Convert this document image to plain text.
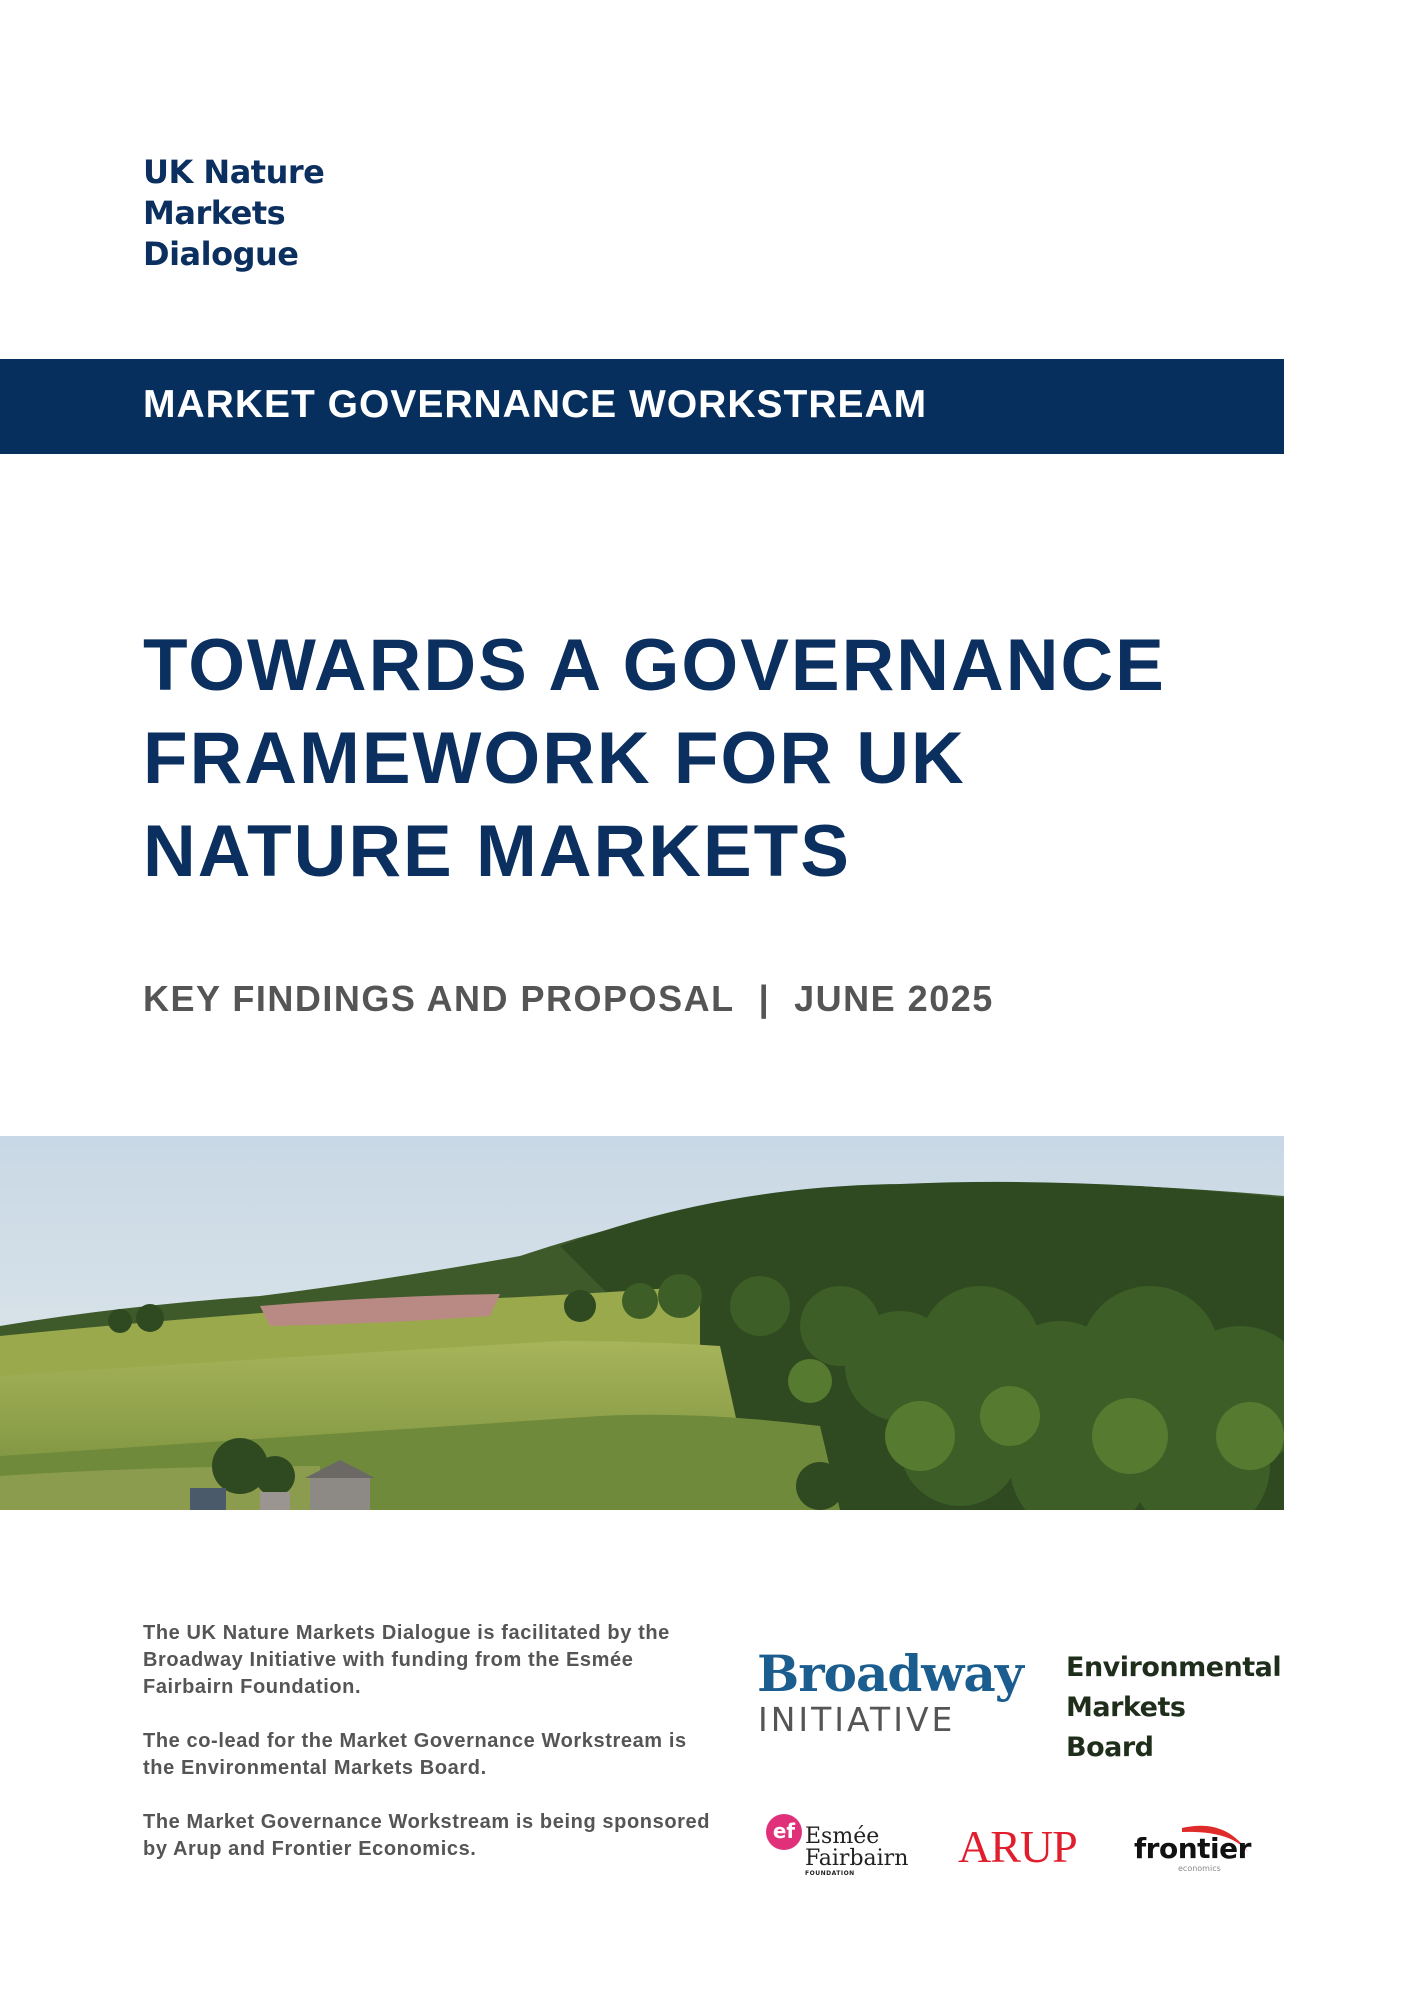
UK Nature
Markets
Dialogue
MARKET GOVERNANCE WORKSTREAM
TOWARDS A GOVERNANCE
FRAMEWORK FOR UK
NATURE MARKETS
KEY FINDINGS AND PROPOSAL | JUNE 2025

The UK Nature Markets Dialogue is facilitated by the Broadway Initiative with funding from the Esmée Fairbairn Foundation.

The co-lead for the Market Governance Workstream is the Environmental Markets Board.

The Market Governance Workstream is being sponsored by Arup and Frontier Economics.

Broadway
INITIATIVE
Environmental
Markets
Board
ef Esmée
Fairbairn
FOUNDATION
ARUP frontier
economics
